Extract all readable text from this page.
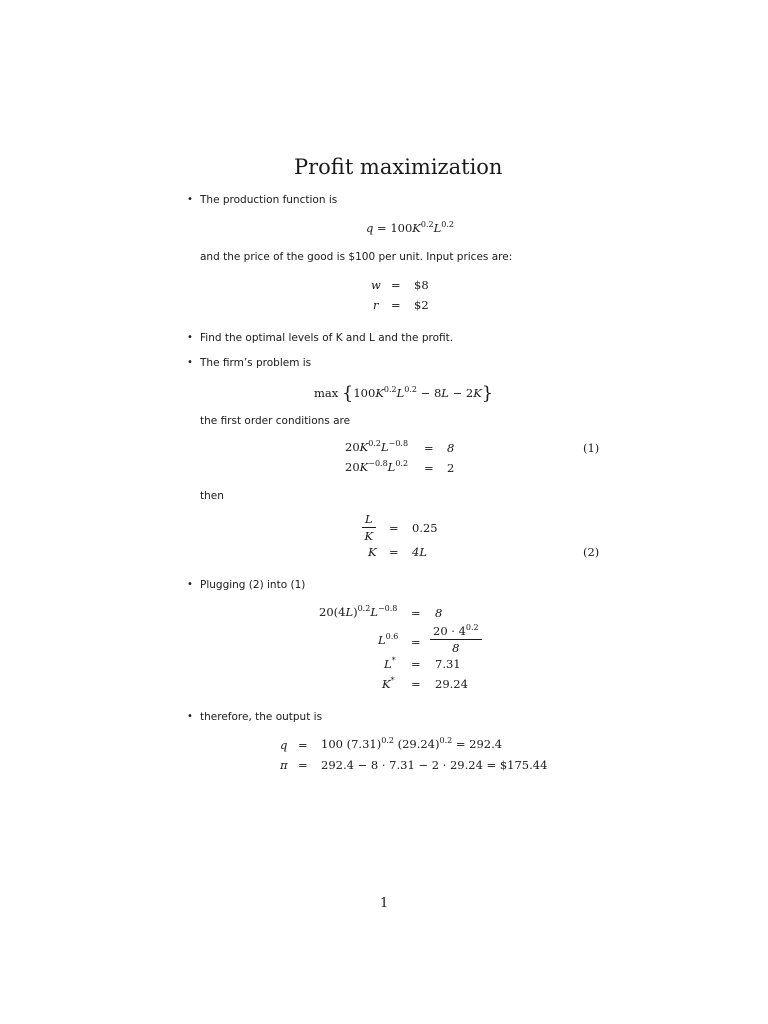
Profit maximization
• The production function is
$q = 100K^{0.2}L^{0.2}$
and the price of the good is $100 per unit. Input prices are:
w = $8
r = $2
• Find the optimal levels of K and L and the profit.
• The firm’s problem is
$\max \{100K^{0.2}L^{0.2} - 8L - 2K\}$
the first order conditions are
$20K^{0.2}L^{-0.8} = 8$	(1)
$20K^{-0.8}L^{0.2} = 2$
then
$\frac{L}{K} = 0.25$
K = 4L	(2)
• Plugging (2) into (1)
$20(4L)^{0.2}L^{-0.8} = 8$
$L^{0.6} = \frac{20 \cdot 4^{0.2}}{8}$
L* = 7.31
K* = 29.24
• therefore, the output is
q = 100 $(7.31)^{0.2}$ $(29.24)^{0.2} = 292.4$
π = 292.4 − 8 · 7.31 − 2 · 29.24 = $175.44
1
